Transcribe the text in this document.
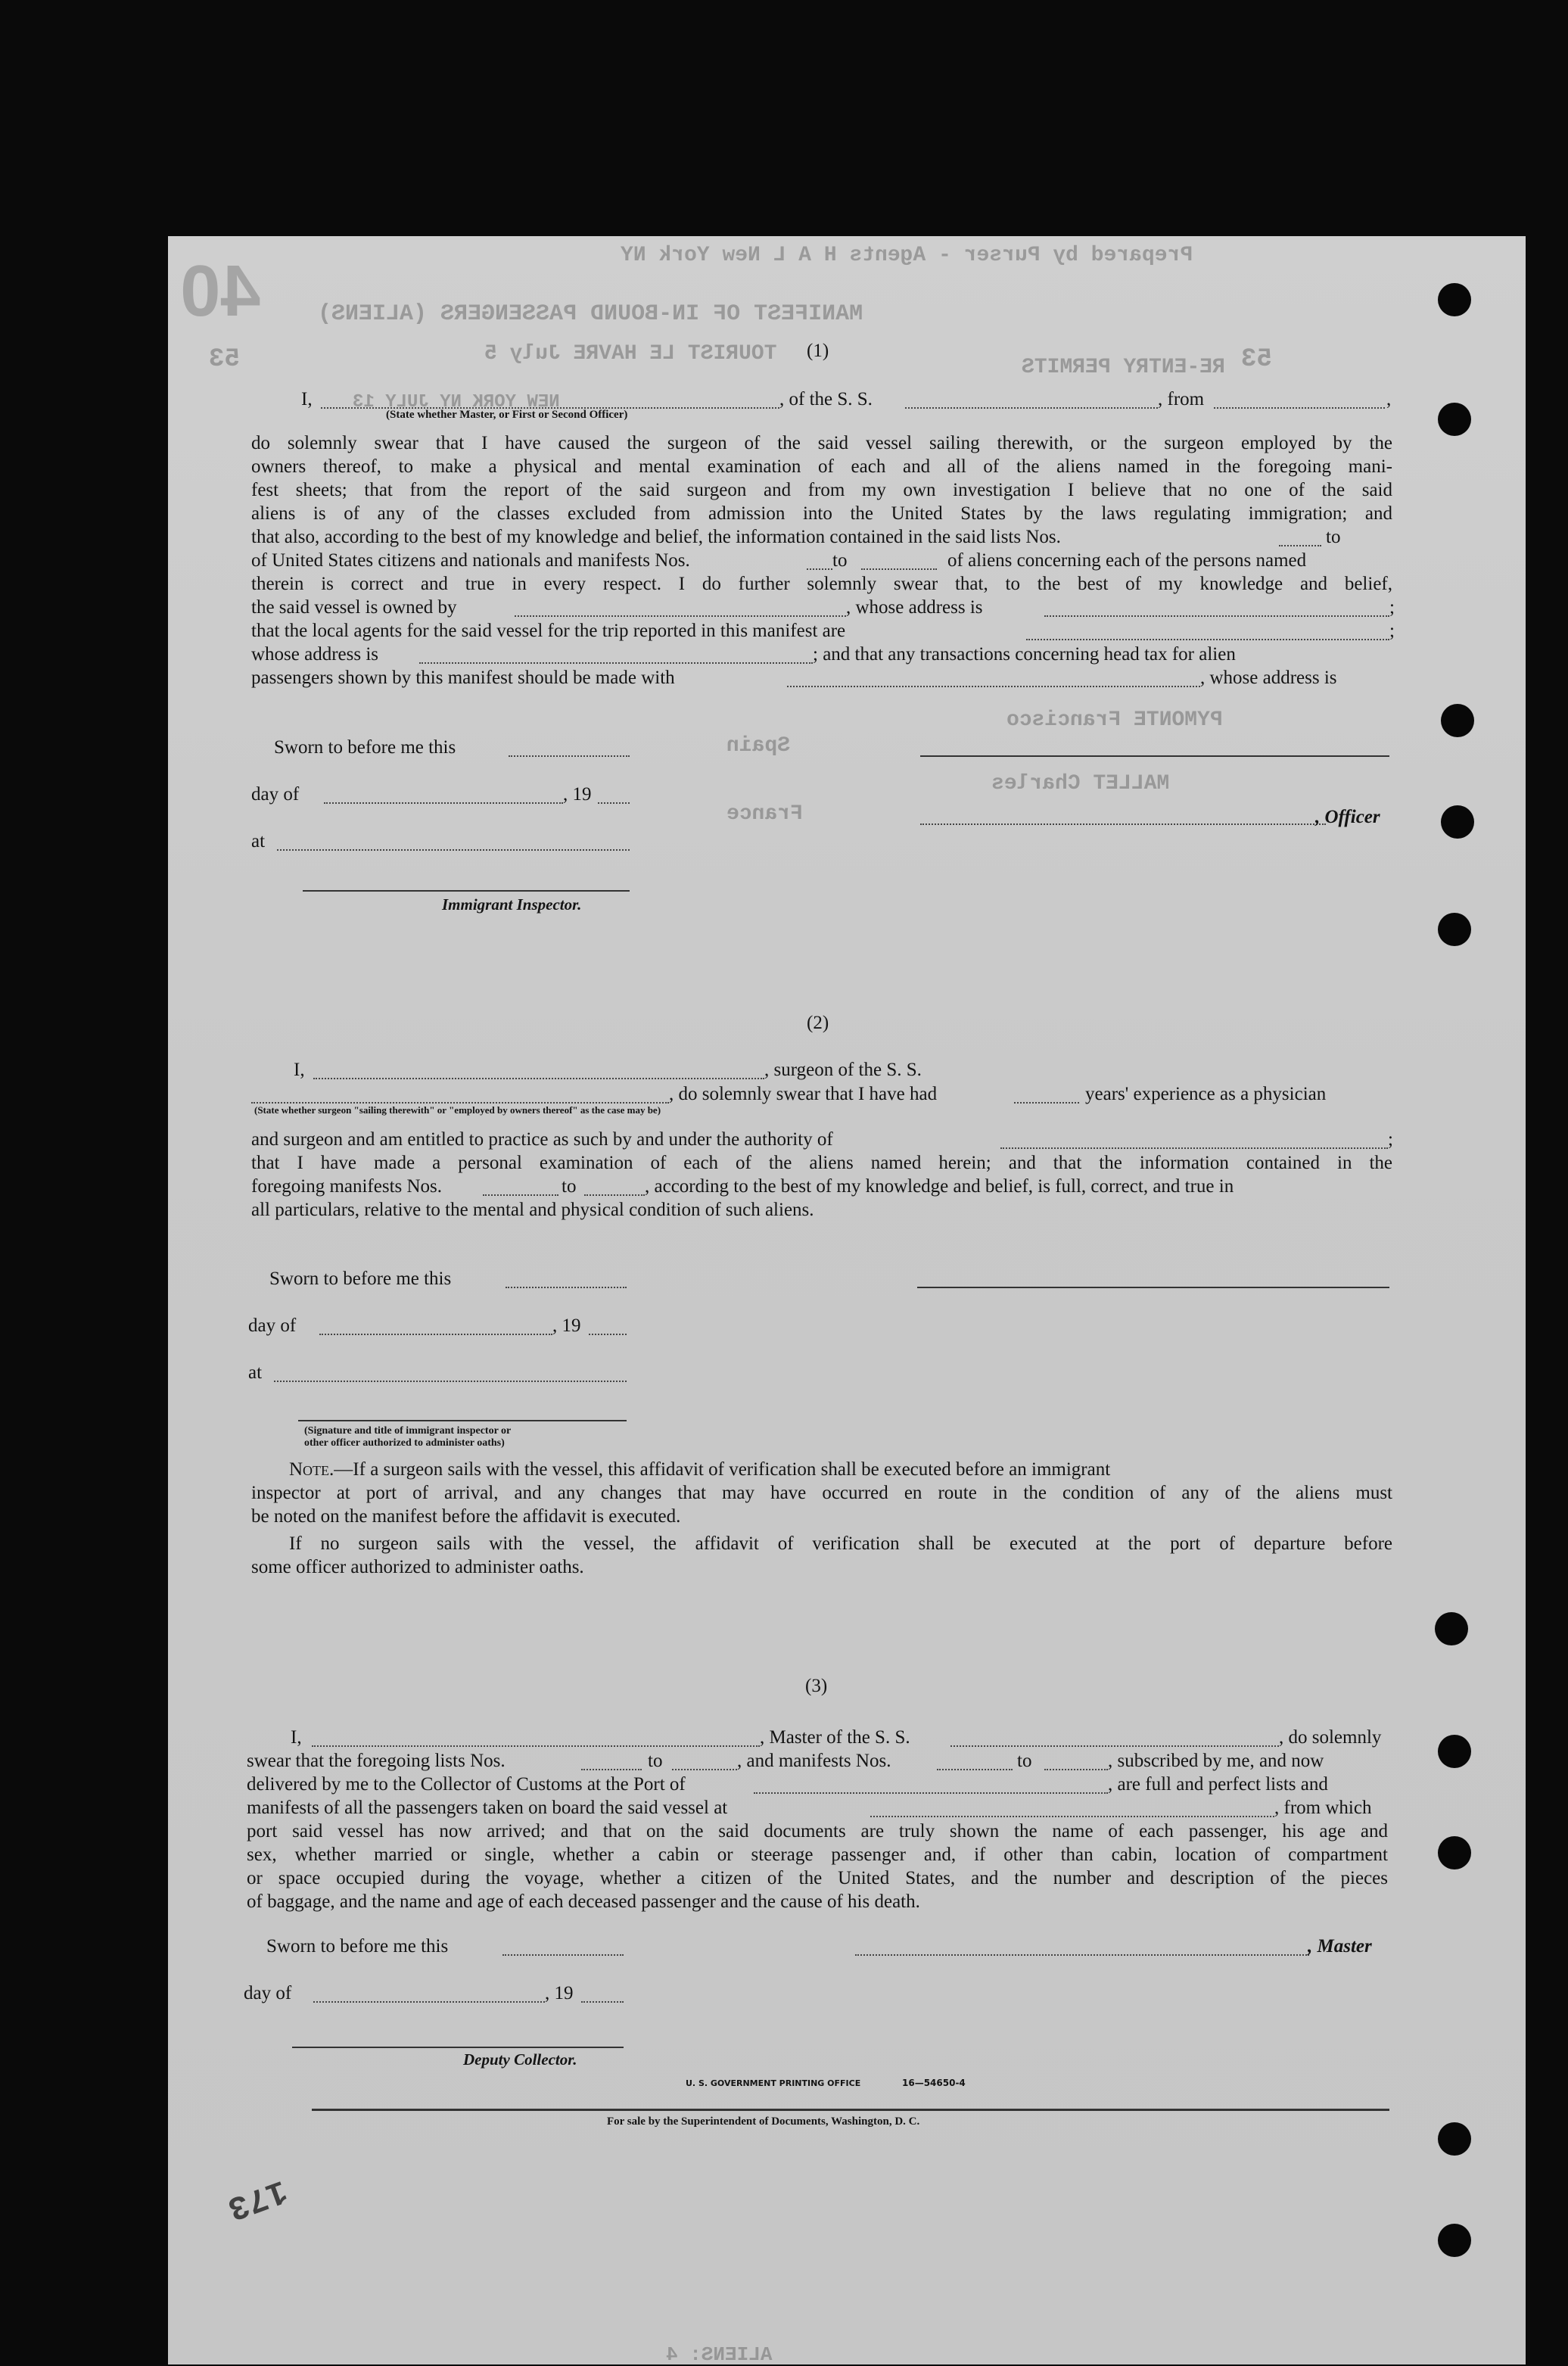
40	Prepared by Purser - Agents H A L New York NY
MANIFEST OF IN-BOUND PASSENGERS (ALIENS)
TOURIST LE HAVRE July 5
RE-ENTRY PERMITS
NEW YORK NY JULY 13
53	53
PYMONTE Francisco
MALLET Charles
Spain
France
ALIENS: 4
173
(1)
I,	, of the S. S.	, from	,
(State whether Master, or First or Second Officer)
do solemnly swear that I have caused the surgeon of the said vessel sailing therewith, or the surgeon employed by the
owners thereof, to make a physical and mental examination of each and all of the aliens named in the foregoing mani-
fest sheets; that from the report of the said surgeon and from my own investigation I believe that no one of the said
aliens is of any of the classes excluded from admission into the United States by the laws regulating immigration; and
that also, according to the best of my knowledge and belief, the information contained in the said lists Nos.	to
of United States citizens and nationals and manifests Nos.	to	of aliens concerning each of the persons named
therein is correct and true in every respect. I do further solemnly swear that, to the best of my knowledge and belief,
the said vessel is owned by	, whose address is	;
that the local agents for the said vessel for the trip reported in this manifest are	;
whose address is	; and that any transactions concerning head tax for alien
passengers shown by this manifest should be made with	, whose address is
Sworn to before me this
day of	, 19
at
, Officer
Immigrant Inspector.
(2)
I,	, surgeon of the S. S.
, do solemnly swear that I have had	years' experience as a physician
(State whether surgeon "sailing therewith" or "employed by owners thereof" as the case may be)
and surgeon and am entitled to practice as such by and under the authority of	;
that I have made a personal examination of each of the aliens named herein; and that the information contained in the
foregoing manifests Nos.	to	, according to the best of my knowledge and belief, is full, correct, and true in
all particulars, relative to the mental and physical condition of such aliens.
Sworn to before me this
day of	, 19
at
(Signature and title of immigrant inspector or
other officer authorized to administer oaths)
Note.—If a surgeon sails with the vessel, this affidavit of verification shall be executed before an immigrant
inspector at port of arrival, and any changes that may have occurred en route in the condition of any of the aliens must
be noted on the manifest before the affidavit is executed.
If no surgeon sails with the vessel, the affidavit of verification shall be executed at the port of departure before
some officer authorized to administer oaths.
(3)
I,	, Master of the S. S.	, do solemnly
swear that the foregoing lists Nos.	to	, and manifests Nos.	to	, subscribed by me, and now
delivered by me to the Collector of Customs at the Port of	, are full and perfect lists and
manifests of all the passengers taken on board the said vessel at	, from which
port said vessel has now arrived; and that on the said documents are truly shown the name of each passenger, his age and
sex, whether married or single, whether a cabin or steerage passenger and, if other than cabin, location of compartment
or space occupied during the voyage, whether a citizen of the United States, and the number and description of the pieces
of baggage, and the name and age of each deceased passenger and the cause of his death.
Sworn to before me this	, Master
day of	, 19
Deputy Collector.
U. S. GOVERNMENT PRINTING OFFICE	16—54650-4
For sale by the Superintendent of Documents, Washington, D. C.
